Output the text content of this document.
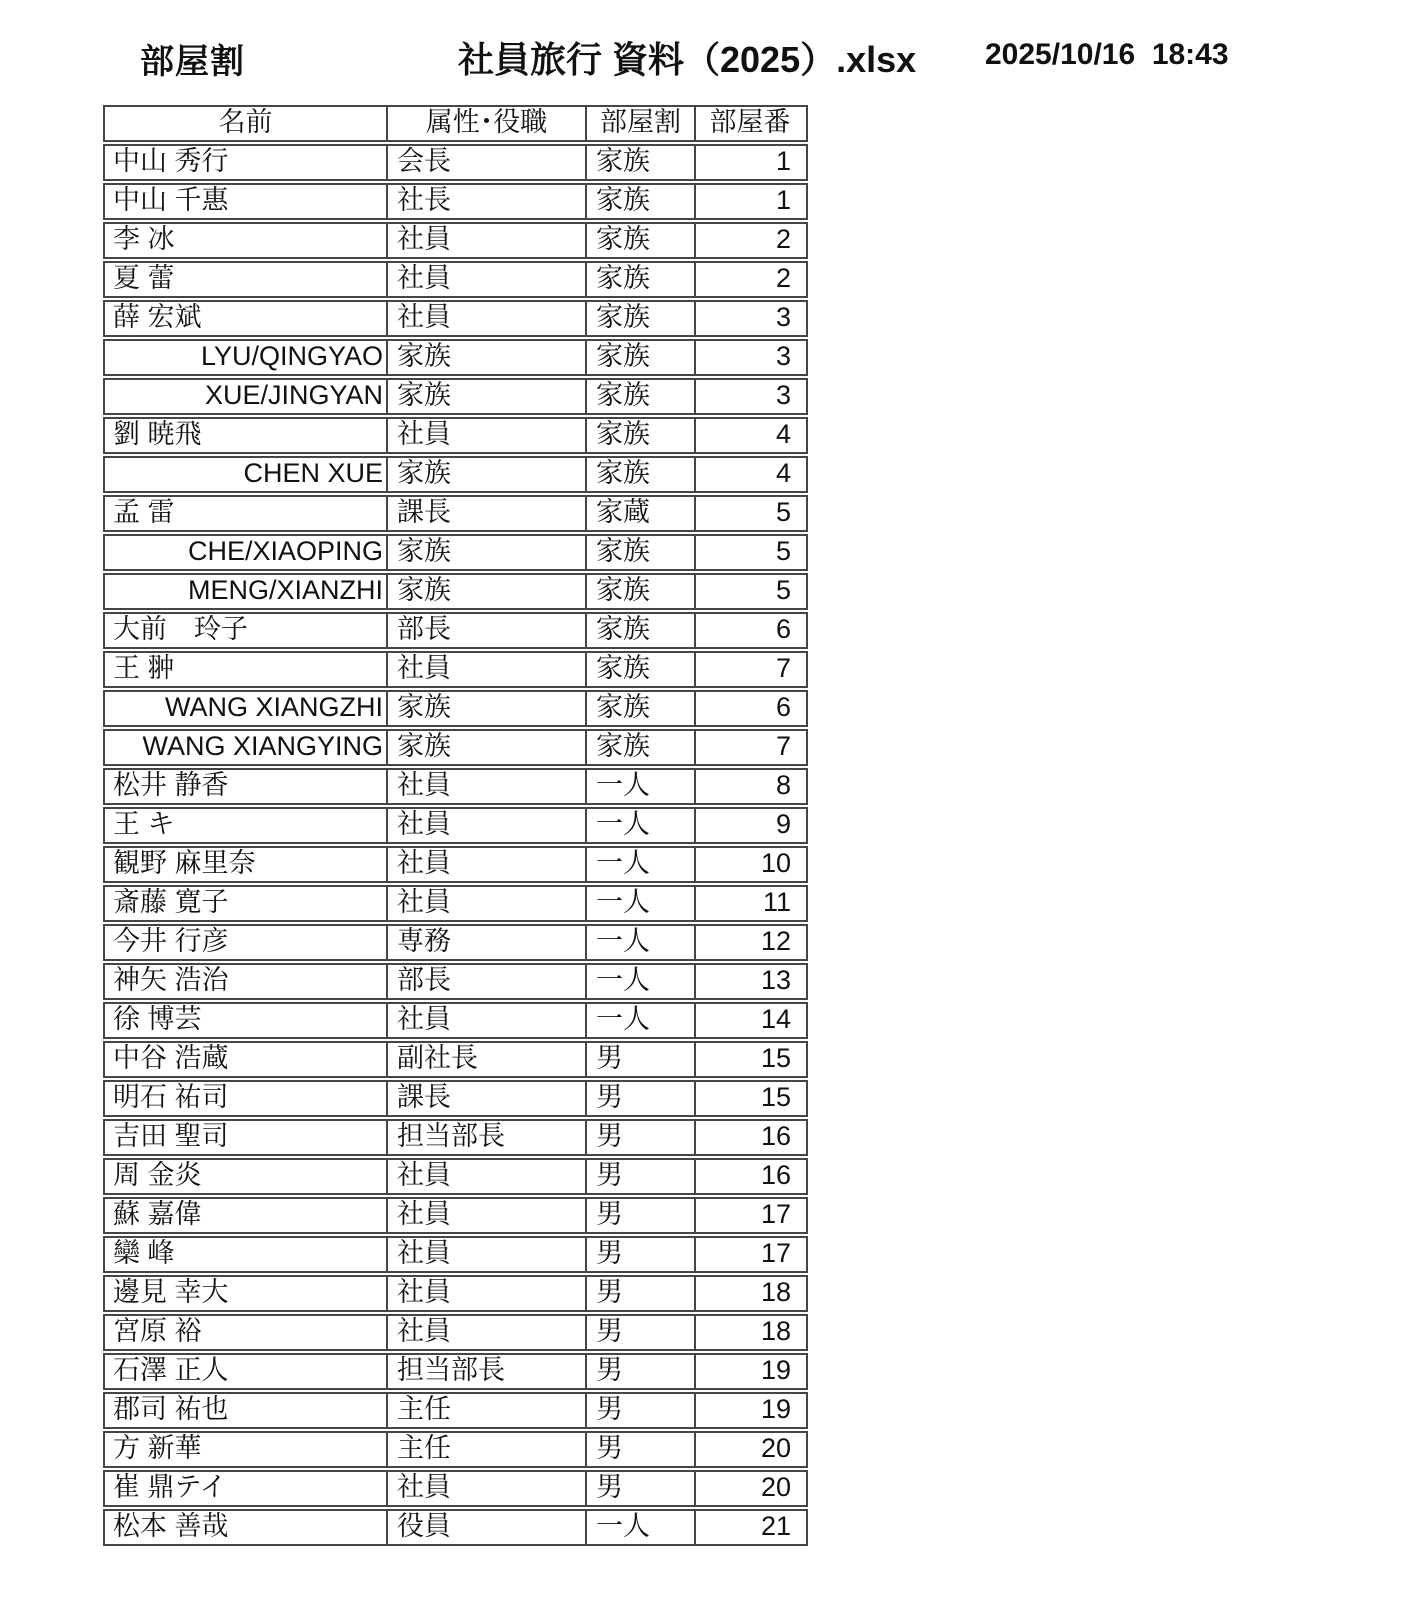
部屋割	社員旅行 資料（2025）.xlsx 2025/10/16  18:43
名前	属性･役職	部屋割	部屋番
中山 秀行	会長	家族	1
中山 千惠	社長	家族	1
李 冰	社員	家族	2
夏 蕾	社員	家族	2
薛 宏斌	社員	家族	3
LYU/QINGYAO 家族	家族	3
XUE/JINGYAN 家族	家族	3
劉 暁飛	社員	家族	4
CHEN XUE 家族	家族	4
孟 雷	課長	家蔵	5
CHE/XIAOPING 家族	家族	5
MENG/XIANZHI 家族	家族	5
大前　玲子	部長	家族	6
王 翀	社員	家族	7
WANG XIANGZHI 家族	家族	6
WANG XIANGYING 家族	家族	7
松井 静香	社員	一人	8
王 キ	社員	一人	9
観野 麻里奈	社員	一人	10
斎藤 寛子	社員	一人	11
今井 行彦	専務	一人	12
神矢 浩治	部長	一人	13
徐 博芸	社員	一人	14
中谷 浩蔵	副社長	男	15
明石 祐司	課長	男	15
吉田 聖司	担当部長	男	16
周 金炎	社員	男	16
蘇 嘉偉	社員	男	17
欒 峰	社員	男	17
邊見 幸大	社員	男	18
宮原 裕	社員	男	18
石澤 正人	担当部長	男	19
郡司 祐也	主任	男	19
方 新華	主任	男	20
崔 鼎テイ	社員	男	20
松本 善哉	役員	一人	21
